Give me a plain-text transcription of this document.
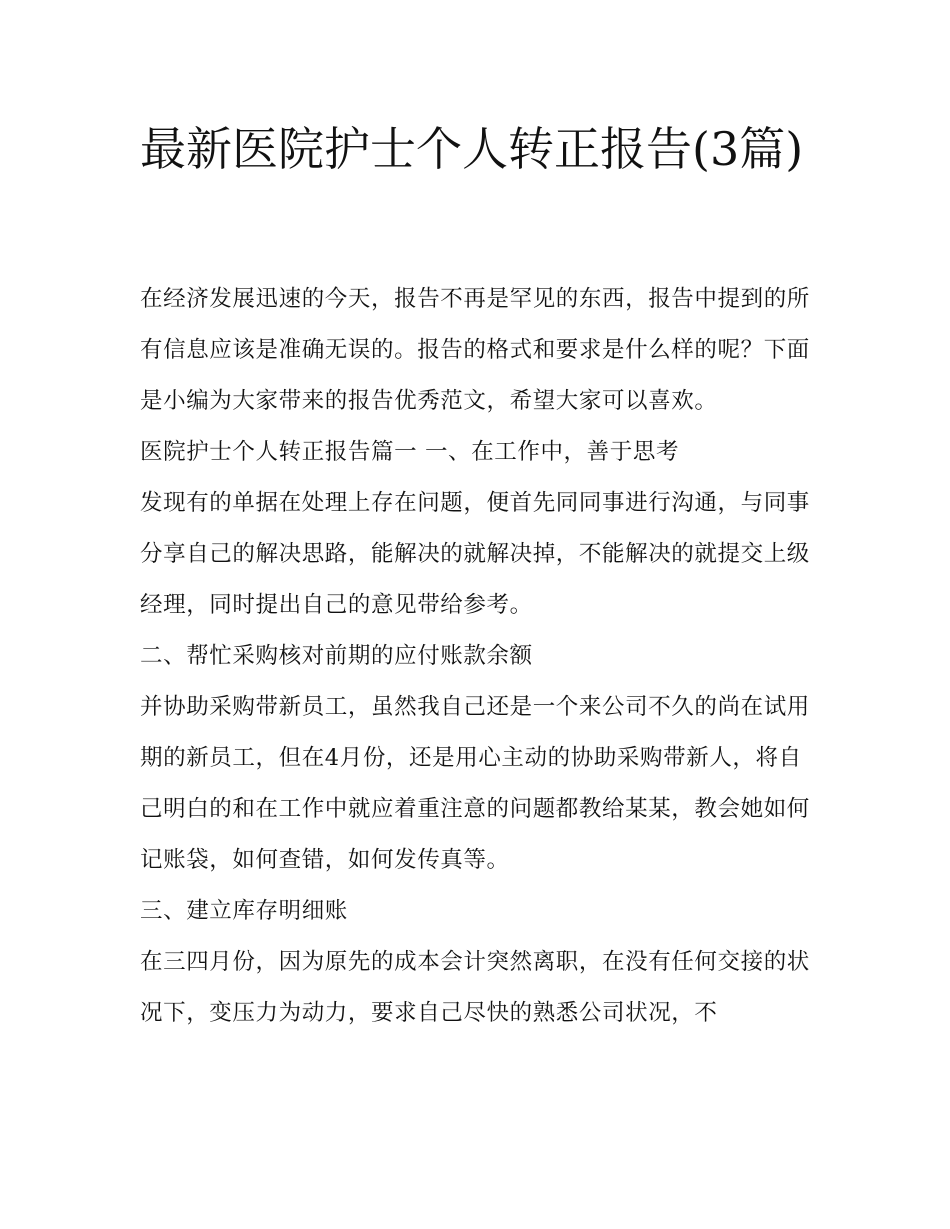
最新医院护士个人转正报告(3篇)

在经济发展迅速的今天，报告不再是罕见的东西，报告中提到的所有信息应该是准确无误的。报告的格式和要求是什么样的呢？下面是小编为大家带来的报告优秀范文，希望大家可以喜欢。

医院护士个人转正报告篇一 一、在工作中，善于思考

发现有的单据在处理上存在问题，便首先同同事进行沟通，与同事分享自己的解决思路，能解决的就解决掉，不能解决的就提交上级经理，同时提出自己的意见带给参考。

二、帮忙采购核对前期的应付账款余额

并协助采购带新员工，虽然我自己还是一个来公司不久的尚在试用期的新员工，但在4月份，还是用心主动的协助采购带新人，将自己明白的和在工作中就应着重注意的问题都教给某某，教会她如何记账袋，如何查错，如何发传真等。

三、建立库存明细账

在三四月份，因为原先的成本会计突然离职，在没有任何交接的状况下，变压力为动力，要求自己尽快的熟悉公司状况，不
